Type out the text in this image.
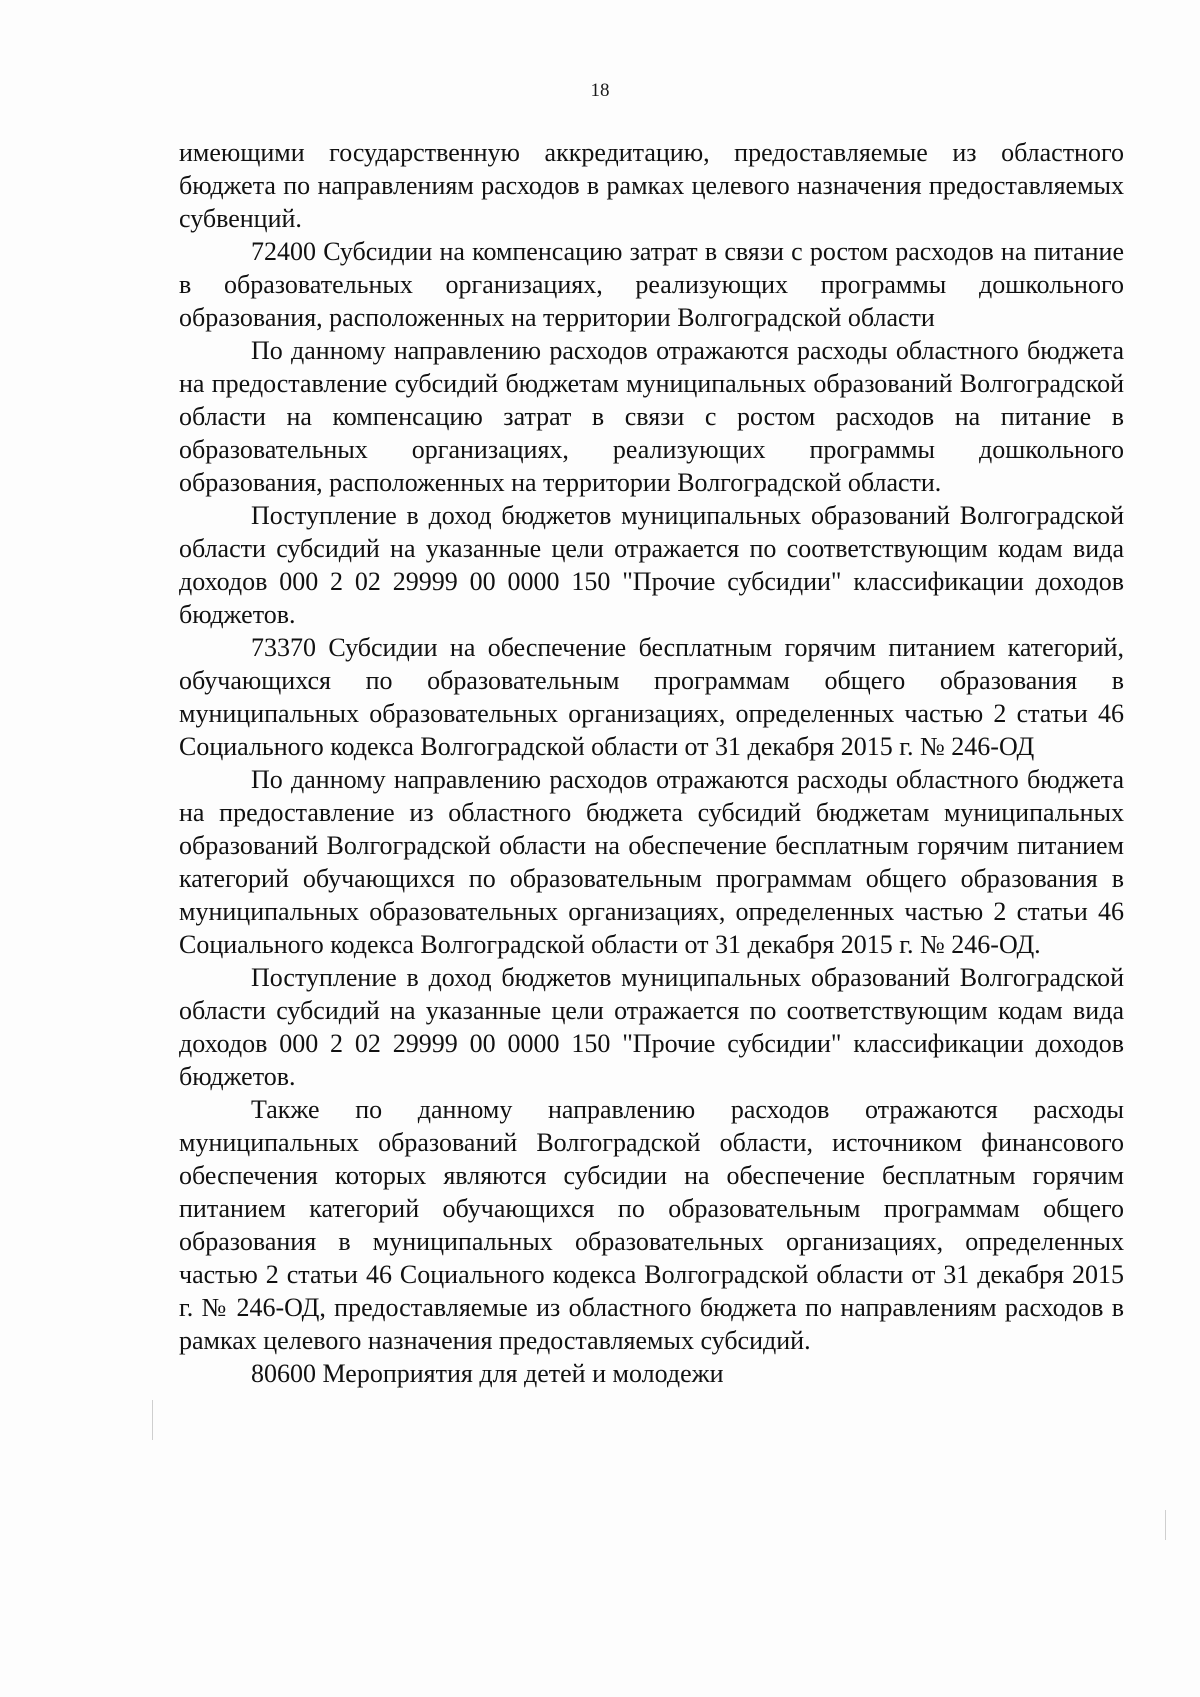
18

имеющими государственную аккредитацию, предоставляемые из областного бюджета по направлениям расходов в рамках целевого назначения предоставляемых субвенций.

72400 Субсидии на компенсацию затрат в связи с ростом расходов на питание в образовательных организациях, реализующих программы дошкольного образования, расположенных на территории Волгоградской области

По данному направлению расходов отражаются расходы областного бюджета на предоставление субсидий бюджетам муниципальных образований Волгоградской области на компенсацию затрат в связи с ростом расходов на питание в образовательных организациях, реализующих программы дошкольного образования, расположенных на территории Волгоградской области.

Поступление в доход бюджетов муниципальных образований Волгоградской области субсидий на указанные цели отражается по соответствующим кодам вида доходов 000 2 02 29999 00 0000 150 "Прочие субсидии" классификации доходов бюджетов.

73370 Субсидии на обеспечение бесплатным горячим питанием категорий, обучающихся по образовательным программам общего образования в муниципальных образовательных организациях, определенных частью 2 статьи 46 Социального кодекса Волгоградской области от 31 декабря 2015 г. № 246-ОД

По данному направлению расходов отражаются расходы областного бюджета на предоставление из областного бюджета субсидий бюджетам муниципальных образований Волгоградской области на обеспечение бесплатным горячим питанием категорий обучающихся по образовательным программам общего образования в муниципальных образовательных организациях, определенных частью 2 статьи 46 Социального кодекса Волгоградской области от 31 декабря 2015 г. № 246-ОД.

Поступление в доход бюджетов муниципальных образований Волгоградской области субсидий на указанные цели отражается по соответствующим кодам вида доходов 000 2 02 29999 00 0000 150 "Прочие субсидии" классификации доходов бюджетов.

Также по данному направлению расходов отражаются расходы муниципальных образований Волгоградской области, источником финансового обеспечения которых являются субсидии на обеспечение бесплатным горячим питанием категорий обучающихся по образовательным программам общего образования в муниципальных образовательных организациях, определенных частью 2 статьи 46 Социального кодекса Волгоградской области от 31 декабря 2015 г. № 246-ОД, предоставляемые из областного бюджета по направлениям расходов в рамках целевого назначения предоставляемых субсидий.

80600 Мероприятия для детей и молодежи
